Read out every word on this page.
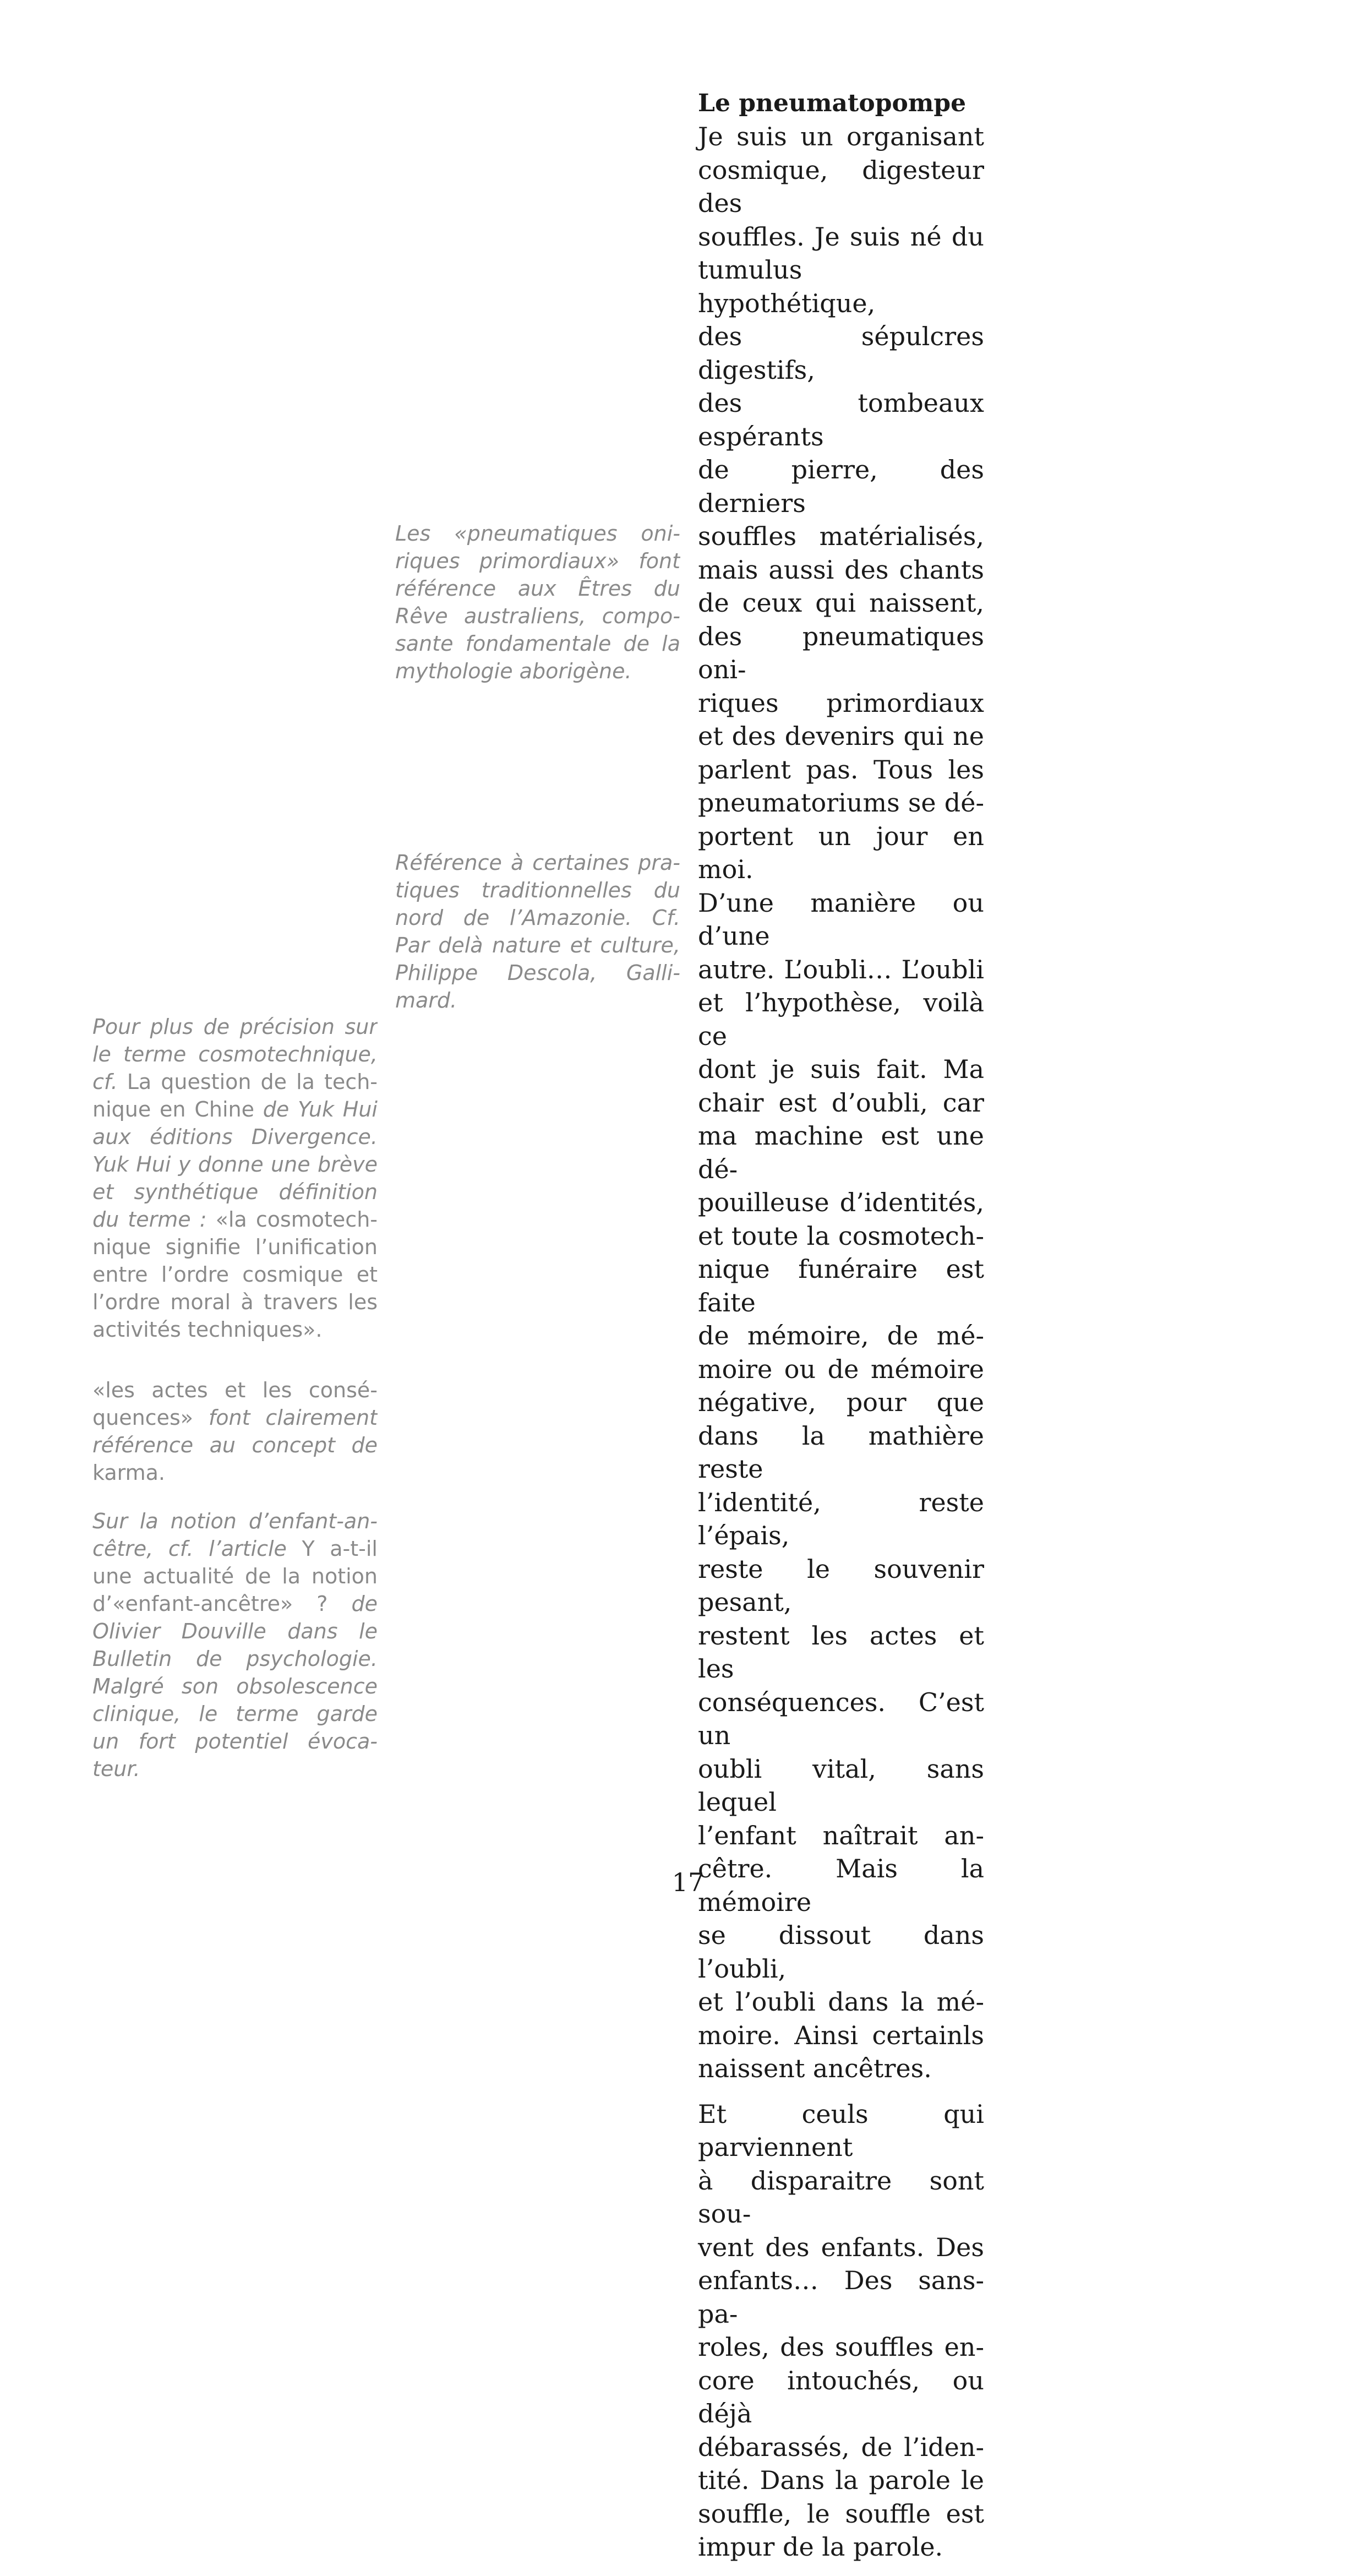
Le pneumatopompe

Je suis un organisant
cosmique, digesteur des
souffles. Je suis né du
tumulus hypothétique,
des sépulcres digestifs,
des tombeaux espérants
de pierre, des derniers
souffles matérialisés,
mais aussi des chants
de ceux qui naissent,
des pneumatiques oni-
riques primordiaux
et des devenirs qui ne
parlent pas. Tous les
pneumatoriums se dé-
portent un jour en moi.
D’une manière ou d’une
autre. L’oubli… L’oubli
et l’hypothèse, voilà ce
dont je suis fait. Ma
chair est d’oubli, car
ma machine est une dé-
pouilleuse d’identités,
et toute la cosmotech-
nique funéraire est faite
de mémoire, de mé-
moire ou de mémoire
négative, pour que
dans la mathière reste
l’identité, reste l’épais,
reste le souvenir pesant,
restent les actes et les
conséquences. C’est un
oubli vital, sans lequel
l’enfant naîtrait an-
cêtre. Mais la mémoire
se dissout dans l’oubli,
et l’oubli dans la mé-
moire. Ainsi certainls
naissent ancêtres.

Et ceuls qui parviennent
à disparaitre sont sou-
vent des enfants. Des
enfants… Des sans-pa-
roles, des souffles en-
core intouchés, ou déjà
débarassés, de l’iden-
tité. Dans la parole le
souffle, le souffle est
impur de la parole.

Les «pneumatiques oni-
riques primordiaux» font
référence aux Êtres du
Rêve australiens, compo-
sante fondamentale de la
mythologie aborigène.
Référence à certaines pra-
tiques traditionnelles du
nord de l’Amazonie. Cf.
Par delà nature et culture,
Philippe Descola, Galli-
mard.
Pour plus de précision sur
le terme cosmotechnique,
cf. La question de la tech-
nique en Chine de Yuk Hui
aux éditions Divergence.
Yuk Hui y donne une brève
et synthétique définition
du terme : «la cosmotech-
nique signifie l’unification
entre l’ordre cosmique et
l’ordre moral à travers les
activités techniques».
«les actes et les consé-
quences» font clairement
référence au concept de
karma.
Sur la notion d’enfant-an-
cêtre, cf. l’article Y a-t-il
une actualité de la notion
d’«enfant-ancêtre» ? de
Olivier Douville dans le
Bulletin de psychologie.
Malgré son obsolescence
clinique, le terme garde
un fort potentiel évoca-
teur.
17
